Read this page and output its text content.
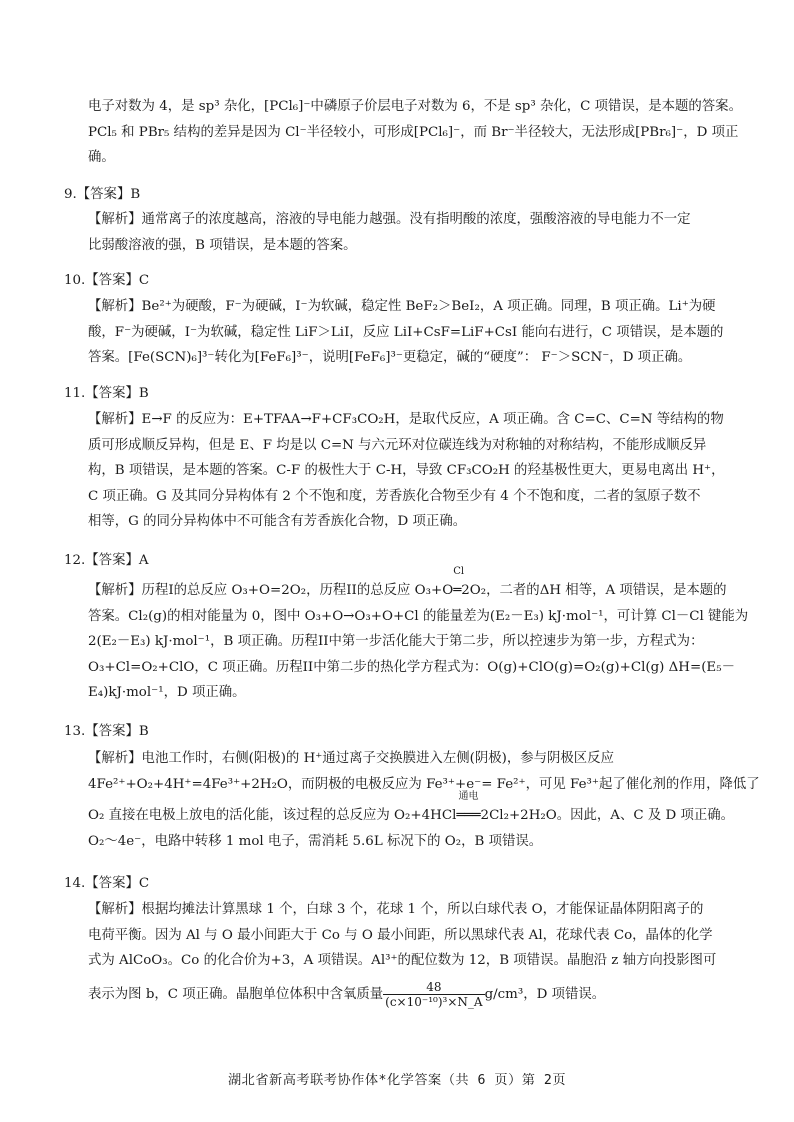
电子对数为 4，是 sp³ 杂化，[PCl₆]⁻中磷原子价层电子对数为 6，不是 sp³ 杂化，C 项错误，是本题的答案。
PCl₅ 和 PBr₅ 结构的差异是因为 Cl⁻半径较小，可形成[PCl₆]⁻，而 Br⁻半径较大，无法形成[PBr₆]⁻，D 项正
确。
9.【答案】B
【解析】通常离子的浓度越高，溶液的导电能力越强。没有指明酸的浓度，强酸溶液的导电能力不一定
比弱酸溶液的强，B 项错误，是本题的答案。
10.【答案】C
【解析】Be²⁺为硬酸，F⁻为硬碱，I⁻为软碱，稳定性 BeF₂＞BeI₂，A 项正确。同理，B 项正确。Li⁺为硬
酸，F⁻为硬碱，I⁻为软碱，稳定性 LiF＞LiI，反应 LiI+CsF=LiF+CsI 能向右进行，C 项错误，是本题的
答案。[Fe(SCN)₆]³⁻转化为[FeF₆]³⁻，说明[FeF₆]³⁻更稳定，碱的“硬度”： F⁻＞SCN⁻，D 项正确。
11.【答案】B
【解析】E→F 的反应为：E+TFAA→F+CF₃CO₂H，是取代反应，A 项正确。含 C=C、C=N 等结构的物
质可形成顺反异构，但是 E、F 均是以 C=N 与六元环对位碳连线为对称轴的对称结构，不能形成顺反异
构，B 项错误，是本题的答案。C-F 的极性大于 C-H，导致 CF₃CO₂H 的羟基极性更大，更易电离出 H⁺，
C 项正确。G 及其同分异构体有 2 个不饱和度，芳香族化合物至少有 4 个不饱和度，二者的氢原子数不
相等，G 的同分异构体中不可能含有芳香族化合物，D 项正确。
12.【答案】A
【解析】历程I的总反应 O₃+O=2O₂，历程II的总反应 O₃+O
Cl
═2O₂，二者的ΔH 相等，A 项错误，是本题的
答案。Cl₂(g)的相对能量为 0，图中 O₃+O→O₃+O+Cl 的能量差为(E₂－E₃) kJ·mol⁻¹，可计算 Cl－Cl 键能为
2(E₂－E₃) kJ·mol⁻¹，B 项正确。历程II中第一步活化能大于第二步，所以控速步为第一步，方程式为：
O₃+Cl=O₂+ClO，C 项正确。历程II中第二步的热化学方程式为：O(g)+ClO(g)=O₂(g)+Cl(g) ΔH=(E₅－
E₄)kJ·mol⁻¹，D 项正确。
13.【答案】B
【解析】电池工作时，右侧(阳极)的 H⁺通过离子交换膜进入左侧(阴极)，参与阴极区反应
4Fe²⁺+O₂+4H⁺=4Fe³⁺+2H₂O，而阴极的电极反应为 Fe³⁺+e⁻= Fe²⁺，可见 Fe³⁺起了催化剂的作用，降低了
O₂ 直接在电极上放电的活化能，该过程的总反应为 O₂+4HCl
通电
═══2Cl₂+2H₂O。因此，A、C 及 D 项正确。
O₂～4e⁻，电路中转移 1 mol 电子，需消耗 5.6L 标况下的 O₂，B 项错误。
14.【答案】C
【解析】根据均摊法计算黑球 1 个，白球 3 个，花球 1 个，所以白球代表 O，才能保证晶体阴阳离子的
电荷平衡。因为 Al 与 O 最小间距大于 Co 与 O 最小间距，所以黑球代表 Al，花球代表 Co，晶体的化学
式为 AlCoO₃。Co 的化合价为+3，A 项错误。Al³⁺的配位数为 12，B 项错误。晶胞沿 z 轴方向投影图可
表示为图 b，C 项正确。晶胞单位体积中含氧质量 $\frac{48}{\text{(c×10⁻¹⁰)³×N\_A}} g/cm^3$，D 项错误。
湖北省新高考联考协作体*化学答案（共 6 页）第 2页
